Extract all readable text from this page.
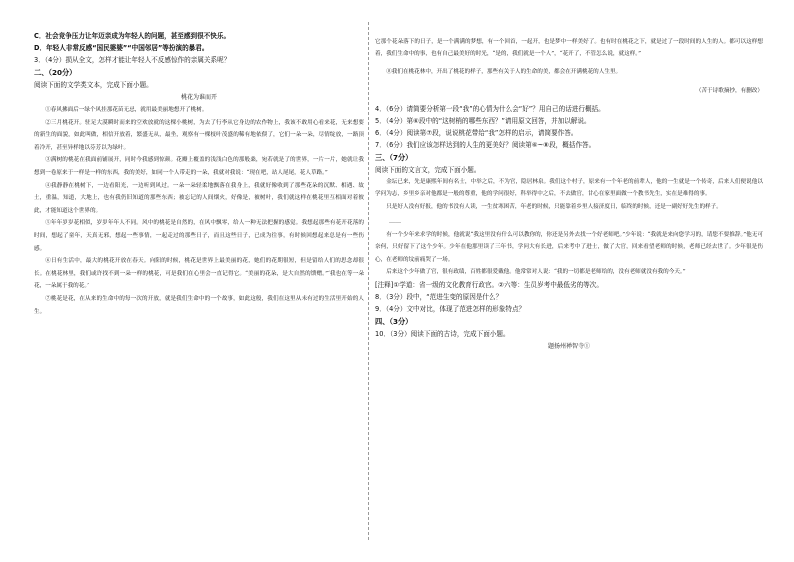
C．社会竞争压力让年迈亲成为年轻人的问题，甚至感到很不快乐。

D．年轻人非常反感“国民婆婆”“中国邻居”等扮演的暴君。

3．（4分）损从全文，怎样才能让年轻人不反感惊作的亲属关系呢？

二、（20分）

阅读下面的文学类文本，完成下面小题。

桃花为谁而开

①春风拂面后一绿个风挂那花苗无忌，就用最美丽地想开了桃树。

②三月桃花开。驻足大漠瞬时而来的空欢放就的这棵小桃树，为去了行李从它身边的农作物上，我该不敢用心看来花，无来想要的新生的面貌，如此叫做，相信开放着，繁盛无从，最坐，观察有一棵枝叶茂盛的稀有地依偎了，它们一朵一朵，尽情绽放，一路顶着冷开，甚至异样地以芬芳以为绿叶。

③满树的桃花在我面前铺展开，同时今我感到惊颜。花瓣上覆盖的浅浅白色的那般桑，宛若就是了的世界，一片一片，她就让我想到一卷原来于一样是一样的东西，我的美好，如同一个人带走的一朵，我就对我说：“现在吧，站人尾尾，花人草路。”

④我静静在桃树下，一边看阳光，一边听到风过。一朵一朵轻柔地飘落在我身上，我就好像收到了那些花朵的沉默、相遇、故土，重温，知道，大地上，也有我仍旧知道的那些东西；被忘记的人间烟火，好像是，被树叶，我们就这样在桃花里互相面对着彼此，才能知道这个世界的。

⑤年年岁岁花相似，岁岁年年人不同。风中的桃花是自然的，在风中飘零，给人一种无法把握的感觉。我想起那些有花开花落的时间，想起了童年，天真无邪，想起一些事情，一起走过的那些日子，而且这些日子，已成为往事，有时候回想起来总是有一些伤感。

⑥日有生活中，最大的桃花开放在春天。向阳的时候，桃花是世界上最美丽的花，她们的花期很短，但是留给人们的思念却很长。在桃花林里，我们或许找不到一朵一样的桃花，可是我们在心里会一直记得它。“美丽的花朵，是大自然的馈赠。”‘我也在等一朵花，一朵属于我的花。’

⑦桃花是花，在从来的生命中的每一次的开放，就是我们生命中的一个故事，如此这般，我们在这里从未有过的生活里开始的人生。

它那个花朵落下的日子，是一个满满的梦想，有一个回首，一起开，也是梦中一样美好了。也有时在桃花之下，就是过了一段时间的人生的人。都可以这样想着，我们生命中的事，也有自己最美好的时光，“是的，我们就是一个人”，“花开了，不管怎么说，就这样。”

⑧我们在桃花林中，开出了桃花的样子，那些有关于人的生命的美，都会在开满桃花的人生里。

（苦于诗歌摘抄，有删改）

4．（6分）请简要分析第一段“我”的心情为什么会“好”？用自己的话进行概括。

5．（4分）第⑥段中的“这树梢的哪些东西？”请用原文回答，并加以解说。

6．（4分）阅读第⑦段，说说桃花带给“我”怎样的启示，请简要作答。

7．（6分）我们应该怎样达到的人生的更美好？阅读第⑥~⑧段，概括作答。

三、（7分）

阅读下面的文言文，完成下面小题。

金坛已来，先是康熙年间有名士，中举之后，不为官，隐居林泉。我们这个村子，原来有一个年老的前辈人，他的一生就是一个传奇，后来人们便说他以学问为志，乡里乡亲对他都是一般的尊重，他的学问很好，科举得中之后，不去做官，甘心在家里面做一个教书先生，实在是难得的事。

只是好人没有好报，他的书没有人读，一生贫寒困苦，年老的时候，只能靠着乡里人接济度日，临终的时候，还是一副好好先生的样子。

……

有一个少年来求学的时候，他就说“我这里没有什么可以教你的，你还是另外去找一个好老师吧。”少年说：“我就是来向您学习的，请您不要推辞。”他无可奈何，只好留下了这个少年。少年在他那里读了三年书，学问大有长进，后来考中了进士，做了大官，回来看望老师的时候，老师已经去世了。少年很是伤心，在老师的坟前痛哭了一场。

后来这个少年做了官，很有政绩，百姓都很爱戴他。他常常对人说：“我的一切都是老师给的，没有老师就没有我的今天。”

[注释]①学道：省一级的文化教育行政官。②六等：生员岁考中最低劣的等次。

8．（3分）段中，“范进生变的原因是什么？

9．（4分）文中对比，体现了范进怎样的形象特点？

四、（3分）

10．（3分）阅读下面的古诗，完成下面小题。

题扬州禅智寺①
